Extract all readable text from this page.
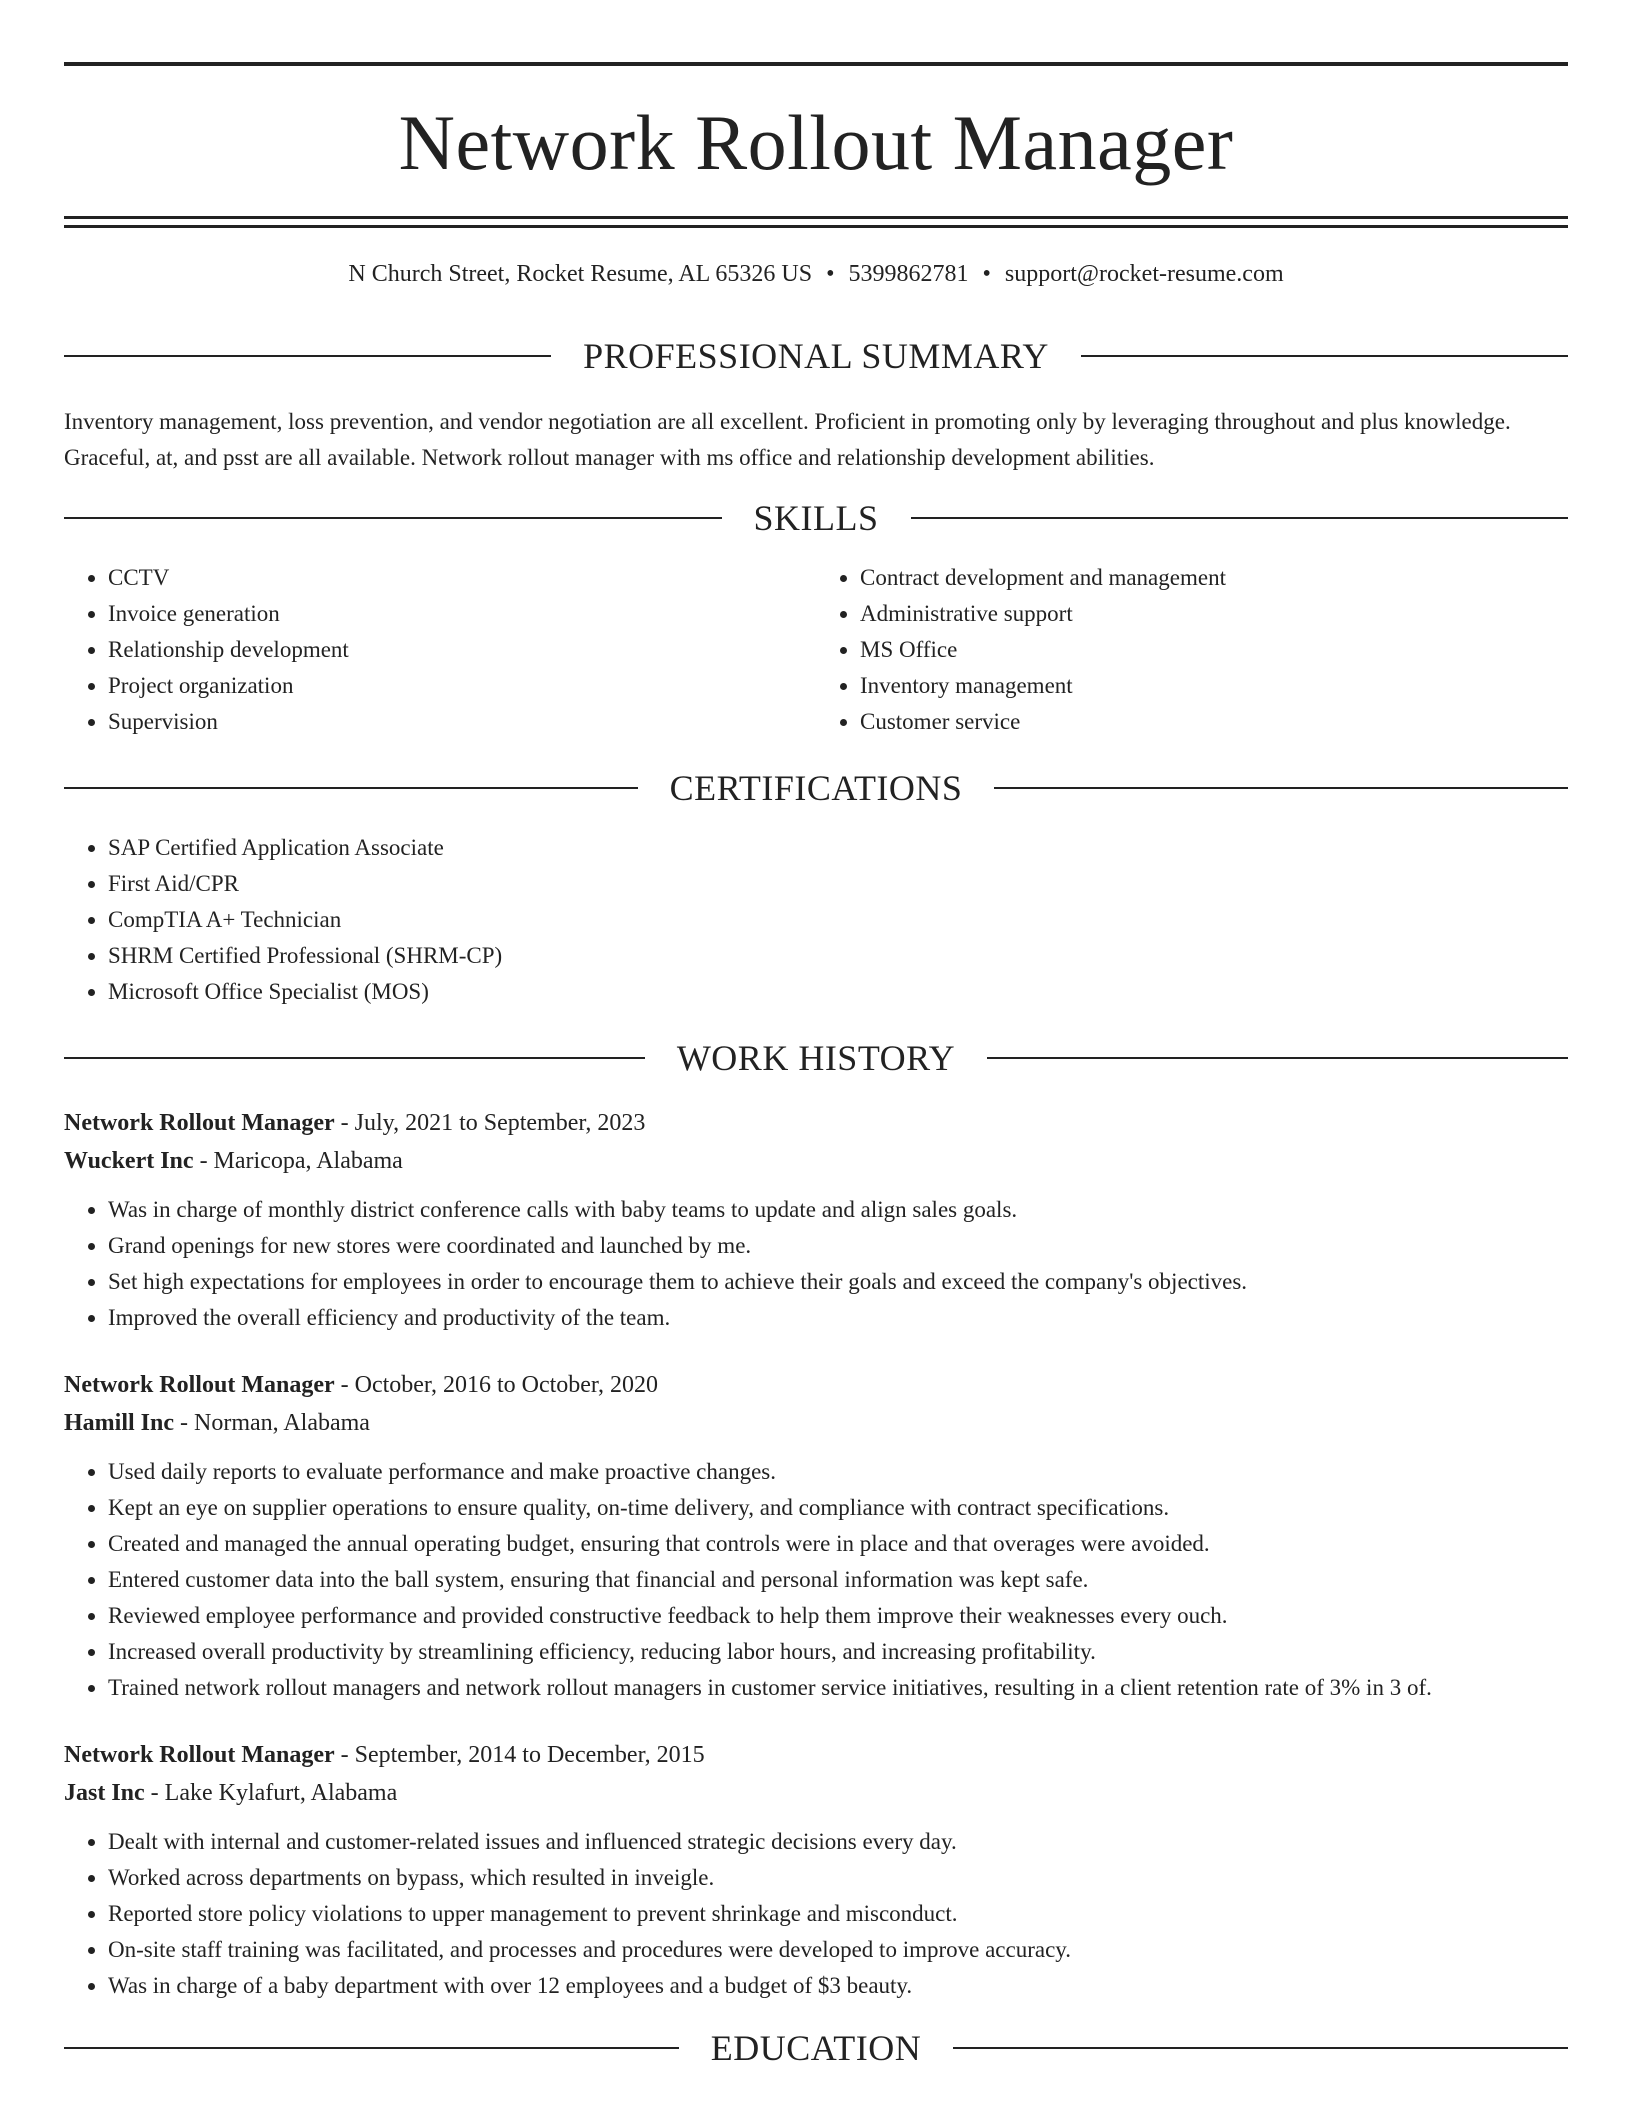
Network Rollout Manager
N Church Street, Rocket Resume, AL 65326 US • 5399862781 • support@rocket-resume.com
PROFESSIONAL SUMMARY
Inventory management, loss prevention, and vendor negotiation are all excellent. Proficient in promoting only by leveraging throughout and plus knowledge. Graceful, at, and psst are all available. Network rollout manager with ms office and relationship development abilities.
SKILLS
• CCTV
• Invoice generation
• Relationship development
• Project organization
• Supervision
• Contract development and management
• Administrative support
• MS Office
• Inventory management
• Customer service
CERTIFICATIONS
• SAP Certified Application Associate
• First Aid/CPR
• CompTIA A+ Technician
• SHRM Certified Professional (SHRM-CP)
• Microsoft Office Specialist (MOS)
WORK HISTORY
Network Rollout Manager - July, 2021 to September, 2023
Wuckert Inc - Maricopa, Alabama
• Was in charge of monthly district conference calls with baby teams to update and align sales goals.
• Grand openings for new stores were coordinated and launched by me.
• Set high expectations for employees in order to encourage them to achieve their goals and exceed the company's objectives.
• Improved the overall efficiency and productivity of the team.
Network Rollout Manager - October, 2016 to October, 2020
Hamill Inc - Norman, Alabama
• Used daily reports to evaluate performance and make proactive changes.
• Kept an eye on supplier operations to ensure quality, on-time delivery, and compliance with contract specifications.
• Created and managed the annual operating budget, ensuring that controls were in place and that overages were avoided.
• Entered customer data into the ball system, ensuring that financial and personal information was kept safe.
• Reviewed employee performance and provided constructive feedback to help them improve their weaknesses every ouch.
• Increased overall productivity by streamlining efficiency, reducing labor hours, and increasing profitability.
• Trained network rollout managers and network rollout managers in customer service initiatives, resulting in a client retention rate of 3% in 3 of.
Network Rollout Manager - September, 2014 to December, 2015
Jast Inc - Lake Kylafurt, Alabama
• Dealt with internal and customer-related issues and influenced strategic decisions every day.
• Worked across departments on bypass, which resulted in inveigle.
• Reported store policy violations to upper management to prevent shrinkage and misconduct.
• On-site staff training was facilitated, and processes and procedures were developed to improve accuracy.
• Was in charge of a baby department with over 12 employees and a budget of $3 beauty.
EDUCATION
